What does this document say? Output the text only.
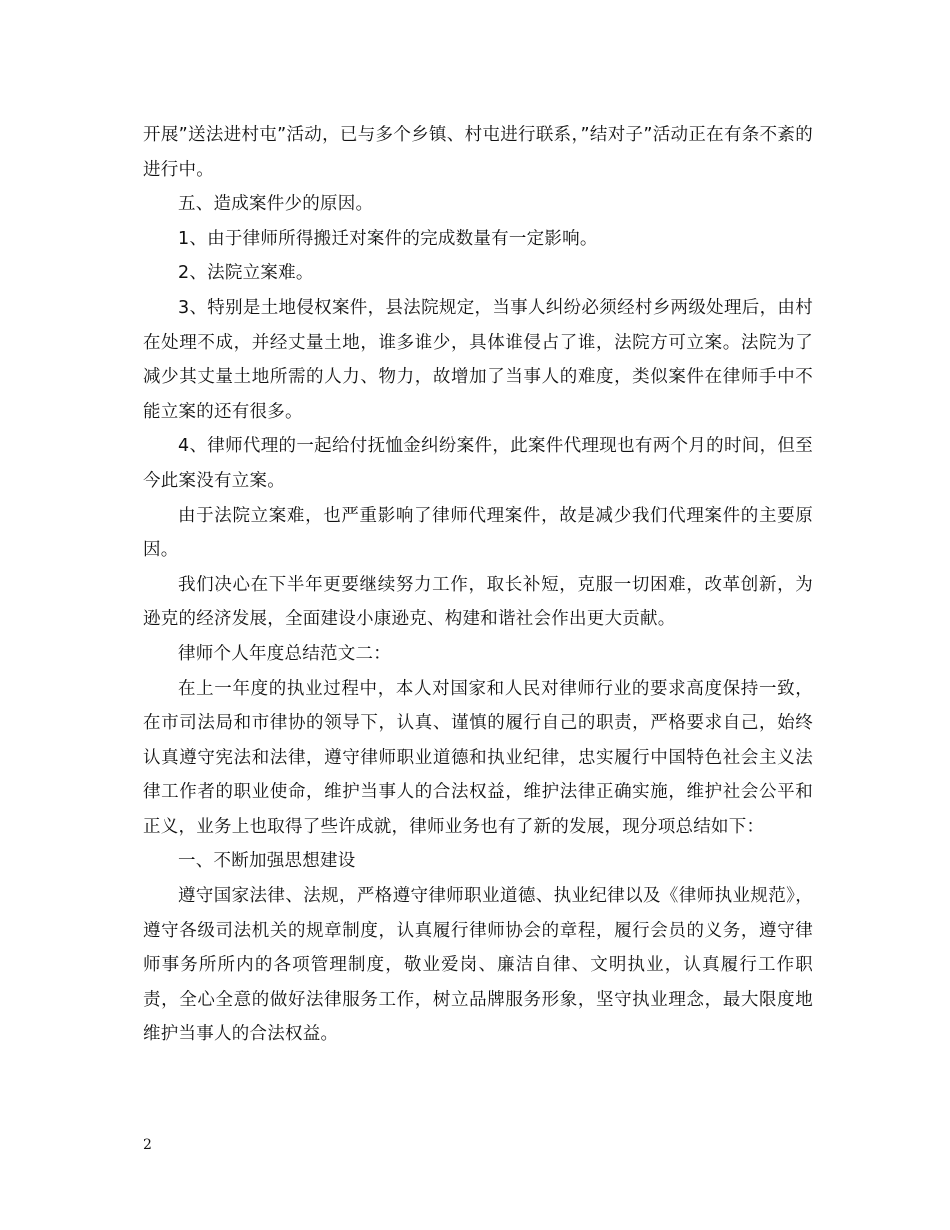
开展”送法进村屯”活动，已与多个乡镇、村屯进行联系，”结对子”活动正在有条不紊的进行中。

五、造成案件少的原因。

1、由于律师所得搬迁对案件的完成数量有一定影响。

2、法院立案难。

3、特别是土地侵权案件，县法院规定，当事人纠纷必须经村乡两级处理后，由村在处理不成，并经丈量土地，谁多谁少，具体谁侵占了谁，法院方可立案。法院为了减少其丈量土地所需的人力、物力，故增加了当事人的难度，类似案件在律师手中不能立案的还有很多。

4、律师代理的一起给付抚恤金纠纷案件，此案件代理现也有两个月的时间，但至今此案没有立案。

由于法院立案难，也严重影响了律师代理案件，故是减少我们代理案件的主要原因。

我们决心在下半年更要继续努力工作，取长补短，克服一切困难，改革创新，为逊克的经济发展，全面建设小康逊克、构建和谐社会作出更大贡献。

律师个人年度总结范文二：

在上一年度的执业过程中，本人对国家和人民对律师行业的要求高度保持一致，在市司法局和市律协的领导下，认真、谨慎的履行自己的职责，严格要求自己，始终认真遵守宪法和法律，遵守律师职业道德和执业纪律，忠实履行中国特色社会主义法律工作者的职业使命，维护当事人的合法权益，维护法律正确实施，维护社会公平和正义，业务上也取得了些许成就，律师业务也有了新的发展，现分项总结如下：

一、不断加强思想建设

遵守国家法律、法规，严格遵守律师职业道德、执业纪律以及《律师执业规范》，遵守各级司法机关的规章制度，认真履行律师协会的章程，履行会员的义务，遵守律师事务所所内的各项管理制度，敬业爱岗、廉洁自律、文明执业，认真履行工作职责，全心全意的做好法律服务工作，树立品牌服务形象，坚守执业理念，最大限度地维护当事人的合法权益。

2
